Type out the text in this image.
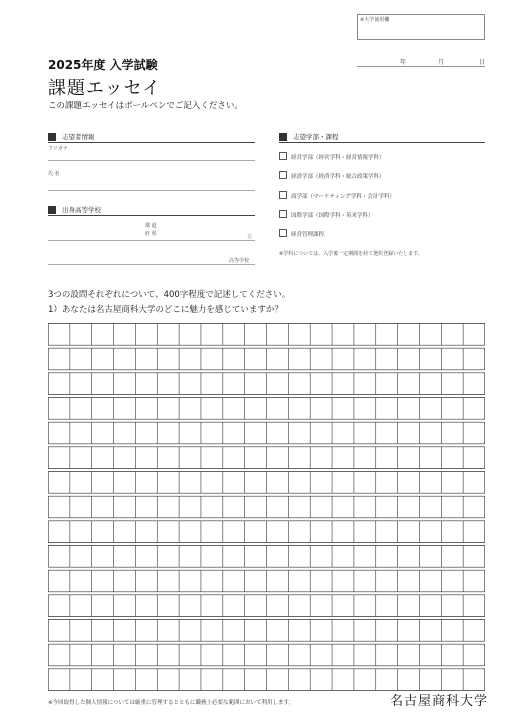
※大学使用欄
年	月	日
2025年度 入学試験
課題エッセイ
この課題エッセイはボールペンでご記入ください。
志望者情報
フリガナ
氏 名
出身高等学校
都 道
府 県	立
高等学校
志望学部・課程
経営学部（経営学科・経営情報学科）
経済学部（経済学科・総合政策学科）
商学部（マーケティング学科・会計学科）
国際学部（国際学科・英米学科）
経営管理課程
※学科については、入学後一定期間を経て選択登録いたします。
3つの設問それぞれについて、400字程度で記述してください。
1）あなたは名古屋商科大学のどこに魅力を感じていますか？
※今回取得した個人情報については厳重に管理するとともに職務上必要な範囲において利用します。	名古屋商科大学
